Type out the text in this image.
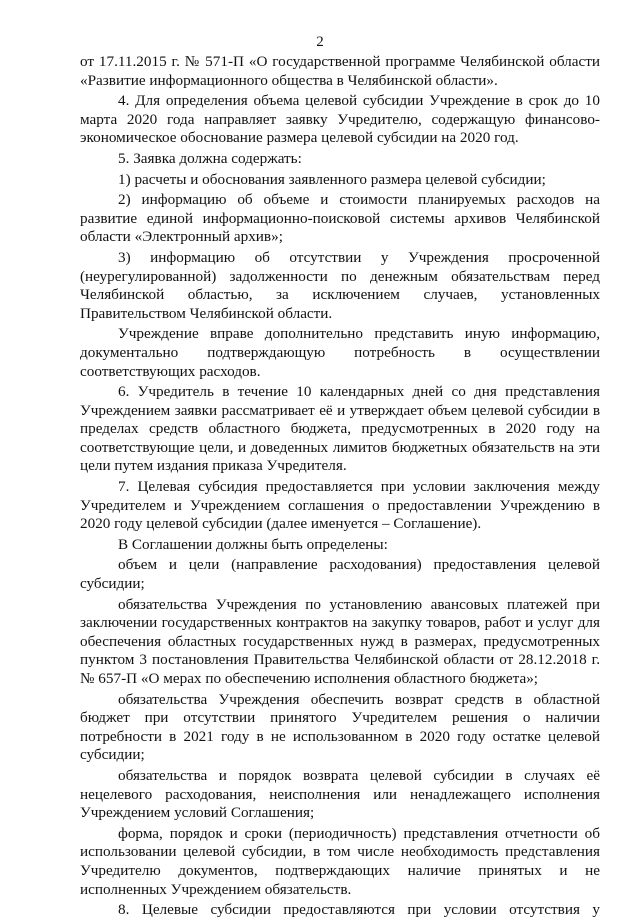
2

от 17.11.2015 г. № 571-П «О государственной программе Челябинской области «Развитие информационного общества в Челябинской области».

4. Для определения объема целевой субсидии Учреждение в срок до 10 марта 2020 года направляет заявку Учредителю, содержащую финансово-экономическое обоснование размера целевой субсидии на 2020 год.

5. Заявка должна содержать:

1) расчеты и обоснования заявленного размера целевой субсидии;

2) информацию об объеме и стоимости планируемых расходов на развитие единой информационно-поисковой системы архивов Челябинской области «Электронный архив»;

3) информацию об отсутствии у Учреждения просроченной (неурегулированной) задолженности по денежным обязательствам перед Челябинской областью, за исключением случаев, установленных Правительством Челябинской области.

Учреждение вправе дополнительно представить иную информацию, документально подтверждающую потребность в осуществлении соответствующих расходов.

6. Учредитель в течение 10 календарных дней со дня представления Учреждением заявки рассматривает её и утверждает объем целевой субсидии в пределах средств областного бюджета, предусмотренных в 2020 году на соответствующие цели, и доведенных лимитов бюджетных обязательств на эти цели путем издания приказа Учредителя.

7. Целевая субсидия предоставляется при условии заключения между Учредителем и Учреждением соглашения о предоставлении Учреждению в 2020 году целевой субсидии (далее именуется – Соглашение).

В Соглашении должны быть определены:

объем и цели (направление расходования) предоставления целевой субсидии;

обязательства Учреждения по установлению авансовых платежей при заключении государственных контрактов на закупку товаров, работ и услуг для обеспечения областных государственных нужд в размерах, предусмотренных пунктом 3 постановления Правительства Челябинской области от 28.12.2018 г. № 657-П «О мерах по обеспечению исполнения областного бюджета»;

обязательства Учреждения обеспечить возврат средств в областной бюджет при отсутствии принятого Учредителем решения о наличии потребности в 2021 году в не использованном в 2020 году остатке целевой субсидии;

обязательства и порядок возврата целевой субсидии в случаях её нецелевого расходования, неисполнения или ненадлежащего исполнения Учреждением условий Соглашения;

форма, порядок и сроки (периодичность) представления отчетности об использовании целевой субсидии, в том числе необходимость представления Учредителю документов, подтверждающих наличие принятых и не исполненных Учреждением обязательств.

8. Целевые субсидии предоставляются при условии отсутствия у
